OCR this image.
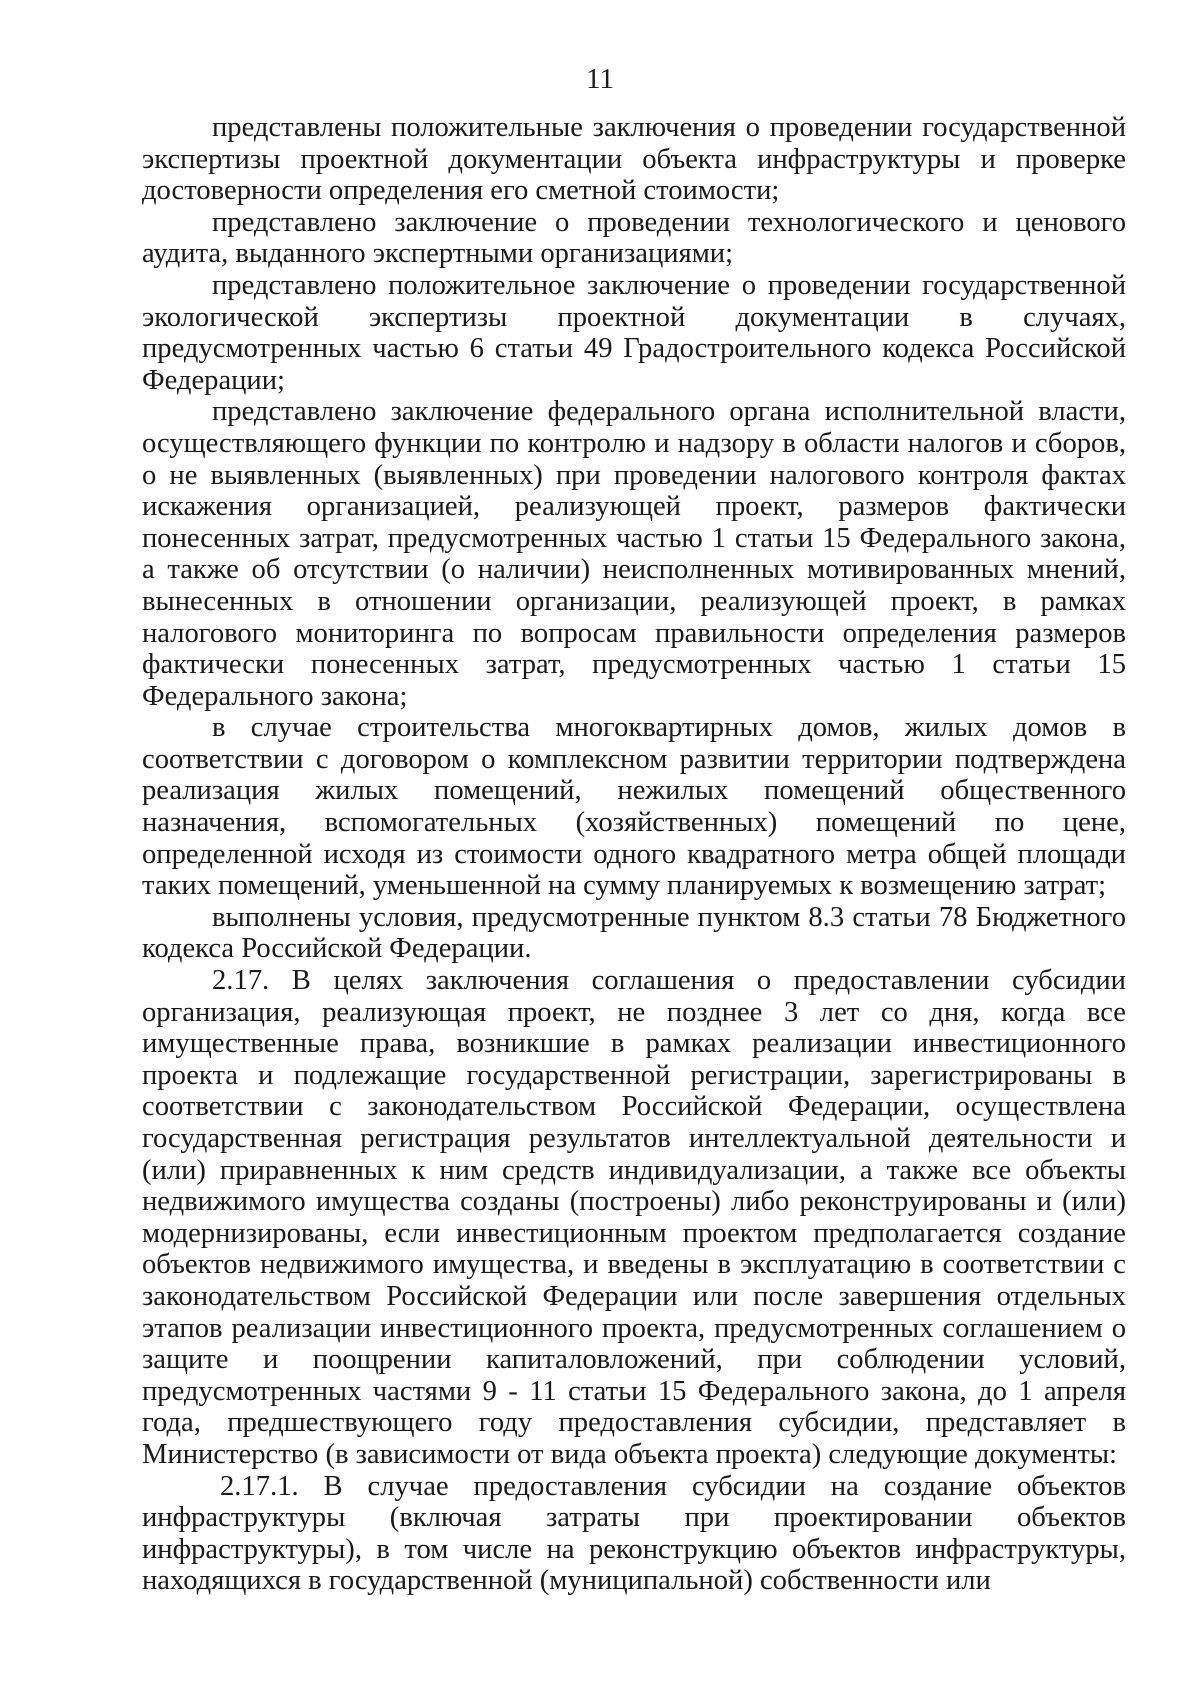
11

представлены положительные заключения о проведении государственной экспертизы проектной документации объекта инфраструктуры и проверке достоверности определения его сметной стоимости;

представлено заключение о проведении технологического и ценового аудита, выданного экспертными организациями;

представлено положительное заключение о проведении государственной экологической экспертизы проектной документации в случаях, предусмотренных частью 6 статьи 49 Градостроительного кодекса Российской Федерации;

представлено заключение федерального органа исполнительной власти, осуществляющего функции по контролю и надзору в области налогов и сборов, о не выявленных (выявленных) при проведении налогового контроля фактах искажения организацией, реализующей проект, размеров фактически понесенных затрат, предусмотренных частью 1 статьи 15 Федерального закона, а также об отсутствии (о наличии) неисполненных мотивированных мнений, вынесенных в отношении организации, реализующей проект, в рамках налогового мониторинга по вопросам правильности определения размеров фактически понесенных затрат, предусмотренных частью 1 статьи 15 Федерального закона;

в случае строительства многоквартирных домов, жилых домов в соответствии с договором о комплексном развитии территории подтверждена реализация жилых помещений, нежилых помещений общественного назначения, вспомогательных (хозяйственных) помещений по цене, определенной исходя из стоимости одного квадратного метра общей площади таких помещений, уменьшенной на сумму планируемых к возмещению затрат;

выполнены условия, предусмотренные пунктом 8.3 статьи 78 Бюджетного кодекса Российской Федерации.

2.17. В целях заключения соглашения о предоставлении субсидии организация, реализующая проект, не позднее 3 лет со дня, когда все имущественные права, возникшие в рамках реализации инвестиционного проекта и подлежащие государственной регистрации, зарегистрированы в соответствии с законодательством Российской Федерации, осуществлена государственная регистрация результатов интеллектуальной деятельности и (или) приравненных к ним средств индивидуализации, а также все объекты недвижимого имущества созданы (построены) либо реконструированы и (или) модернизированы, если инвестиционным проектом предполагается создание объектов недвижимого имущества, и введены в эксплуатацию в соответствии с законодательством Российской Федерации или после завершения отдельных этапов реализации инвестиционного проекта, предусмотренных соглашением о защите и поощрении капиталовложений, при соблюдении условий, предусмотренных частями 9 - 11 статьи 15 Федерального закона, до 1 апреля года, предшествующего году предоставления субсидии, представляет в Министерство (в зависимости от вида объекта проекта) следующие документы:

2.17.1. В случае предоставления субсидии на создание объектов инфраструктуры (включая затраты при проектировании объектов инфраструктуры), в том числе на реконструкцию объектов инфраструктуры, находящихся в государственной (муниципальной) собственности или
